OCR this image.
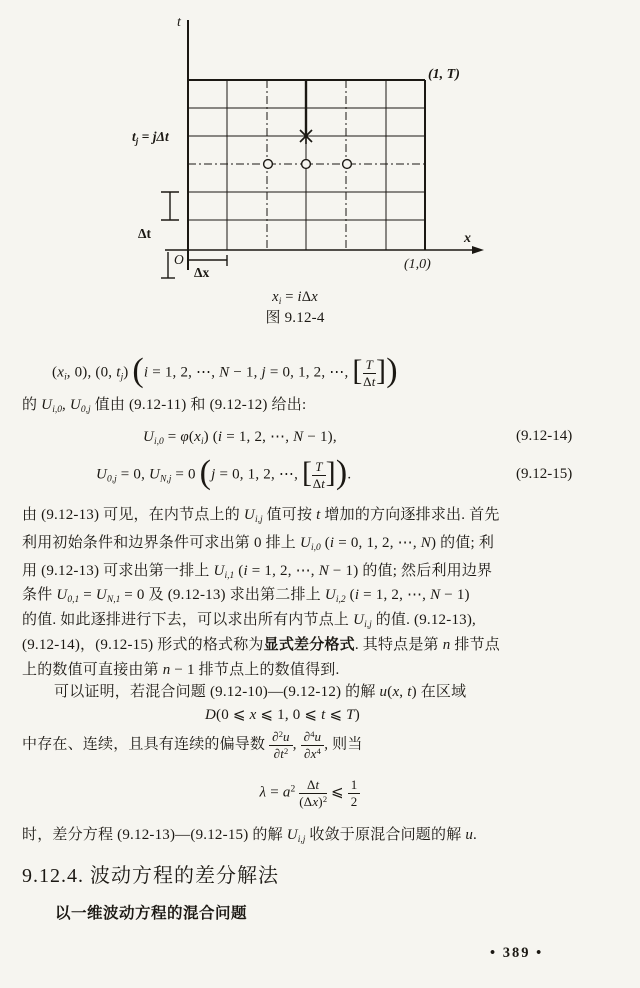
t
x
(1, T)
(1,0)
$t_j = j\Delta t$
Δt
O
Δx
$x_i = i\Delta x$
图 9.12-4
($x_i$, 0), (0, $t_j$) (i = 1, 2, ⋯, N − 1, j = 0, 1, 2, ⋯, [ $\frac{T}{\Delta t}$ ])
的 $U_{i,0}$, $U_{0,j}$ 值由 (9.12-11) 和 (9.12-12) 给出:
$U_{i,0} = \varphi(x_i) (i = 1$, 2, ⋯, N − 1),	(9.12-14)
$U_{0,j} = 0$, $U_{N,j} = 0$ (j = 0, 1, 2, ⋯, [ $\frac{T}{\Delta t}$ ]).	(9.12-15)
由 (9.12-13) 可见，在内节点上的 $U_{i,j}$ 值可按 t 增加的方向逐排求出. 首先
利用初始条件和边界条件可求出第 0 排上 $U_{i,0}$ (i = 0, 1, 2, ⋯, N) 的值; 利
用 (9.12-13) 可求出第一排上 $U_{i,1}$ (i = 1, 2, ⋯, N − 1) 的值; 然后利用边界
条件 $U_{0,1} = U_{N,1} = 0$ 及 (9.12-13) 求出第二排上 $U_{i,2}$ (i = 1, 2, ⋯, N − 1)
的值. 如此逐排进行下去，可以求出所有内节点上 $U_{i,j}$ 的值. (9.12-13),
(9.12-14)，(9.12-15) 形式的格式称为显式差分格式. 其特点是第 n 排节点
上的数值可直接由第 n − 1 排节点上的数值得到.
可以证明，若混合问题 (9.12-10)—(9.12-12) 的解 u(x, t) 在区域
D(0 ⩽ x ⩽ 1, 0 ⩽ t ⩽ T)
中存在、连续，且具有连续的偏导数 $\frac{\partial^2u}{\partial t^2}$ , $\frac{\partial^4u}{\partial x^4}$ , 则当
$\lambda = a^2 \frac{\Delta t}{(\Delta x)^2}$ ⩽ $\frac{1}{2}$
时，差分方程 (9.12-13)—(9.12-15) 的解 $U_{i,j}$ 收敛于原混合问题的解 u.
9.12.4. 波动方程的差分解法
以一维波动方程的混合问题
• 389 •
